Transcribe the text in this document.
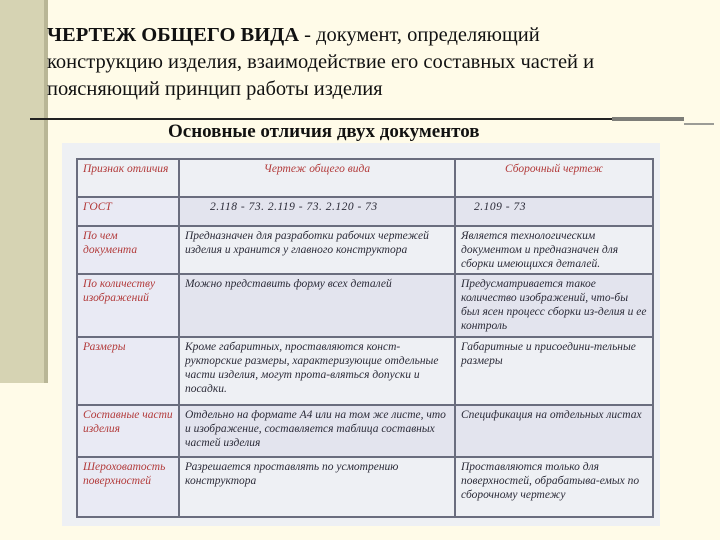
ЧЕРТЕЖ ОБЩЕГО ВИДА - документ, определяющий конструкцию изделия, взаимодействие его составных частей и поясняющий принцип работы изделия
Основные отличия двух документов
Признак отличия	Чертеж общего вида	Сборочный чертеж
ГОСТ	2.118 - 73. 2.119 - 73. 2.120 - 73	2.109 - 73
По чем документа	Предназначен для разработки рабочих чертежей изделия и хранится у главного конструктора	Является технологическим документом и предназначен для сборки имеющихся деталей.
По количеству изображений	Можно представить форму всех деталей	Предусматривается такое количество изображений, что-бы был ясен процесс сборки из-делия и ее контроль
Размеры	Кроме габаритных, проставляются конст-рукторские размеры, характеризующие отдельные части изделия, могут прота-вляться допуски и посадки.	Габаритные и присоедини-тельные размеры
Составные части изделия	Отдельно на формате А4 или на том же листе, что и изображение, составляется таблица составных частей изделия	Спецификация на отдельных листах
Шероховатость поверхностей	Разрешается проставлять по усмотрению конструктора	Проставляются только для поверхностей, обрабатыва-емых по сборочному чертежу
